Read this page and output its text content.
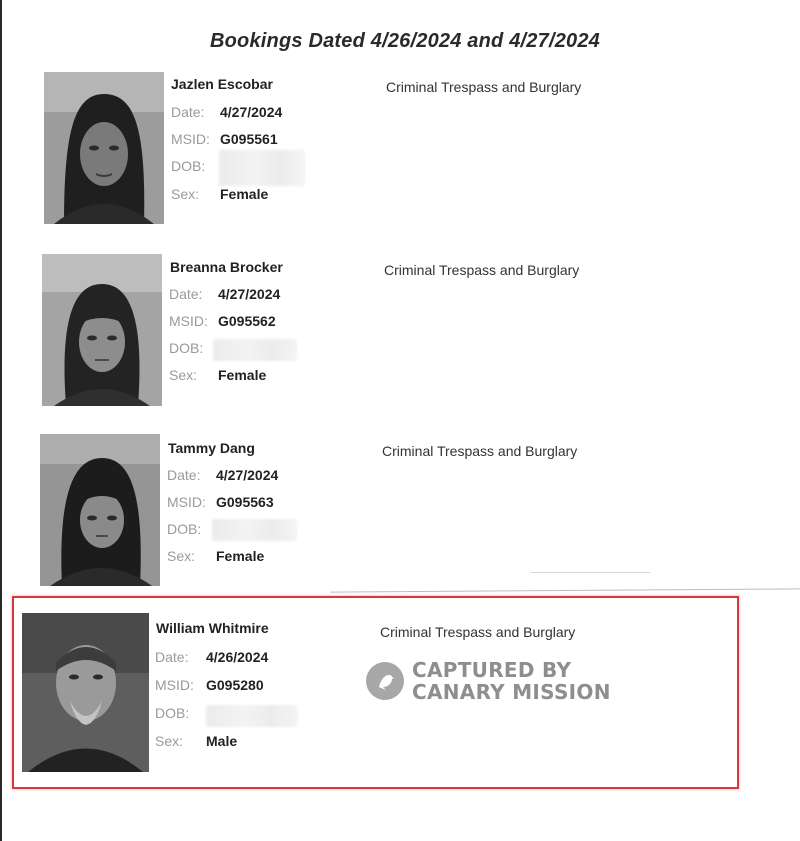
Bookings Dated 4/26/2024 and 4/27/2024
Jazlen Escobar
Date: 4/27/2024
MSID: G095561
DOB:
Sex: Female
Criminal Trespass and Burglary
Breanna Brocker
Date: 4/27/2024
MSID: G095562
DOB:
Sex: Female
Criminal Trespass and Burglary
Tammy Dang
Date: 4/27/2024
MSID: G095563
DOB:
Sex: Female
Criminal Trespass and Burglary
William Whitmire
Date: 4/26/2024
MSID: G095280
DOB:
Sex: Male
Criminal Trespass and Burglary
CAPTURED BY
CANARY MISSION
